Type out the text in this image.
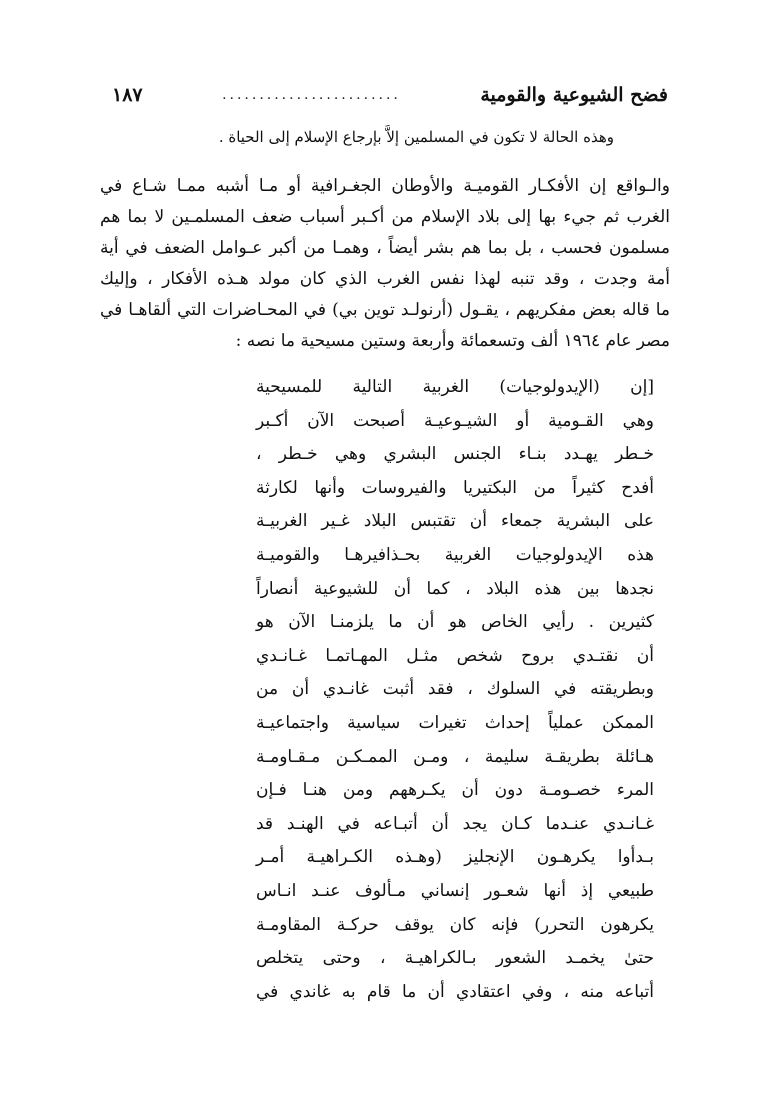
فضح الشيوعية والقومية
........................
١٨٧
وهذه الحالة لا تكون في المسلمين إلاَّ بإرجاع الإسلام إلى الحياة .
والـواقع إن الأفكـار القوميـة والأوطان الجغـرافية أو مـا أشبه ممـا شـاع في
الغرب ثم جيء بها إلى بلاد الإسلام من أكـبر أسباب ضعف المسلمـين لا بما هم
مسلمون فحسب ، بل بما هم بشر أيضاً ، وهمـا من أكبر عـوامل الضعف في أية
أمة وجدت ، وقد تنبه لهذا نفس الغرب الذي كان مولد هـذه الأفكار ، وإليك
ما قاله بعض مفكريهم ، يقـول (أرنولـد توين بي) في المحـاضرات التي ألقاهـا في
مصر عام ١٩٦٤ ألف وتسعمائة وأربعة وستين مسيحية ما نصه :
[إن (الإيدولوجيات) الغربية التالية للمسيحية
وهي القـومية أو الشيـوعيـة أصبحت الآن أكـبر
خـطر يهـدد بنـاء الجنس البشري وهي خـطر ،
أفدح كثيراً من البكتيريا والفيروسات وأنها لكارثة
على البشرية جمعاء أن تقتبس البلاد غـير الغربيـة
هذه الإيدولوجيات الغربية بحـذافيرهـا والقوميـة
نجدها بين هذه البلاد ، كما أن للشيوعية أنصاراً
كثيرين . رأيي الخاص هو أن ما يلزمنـا الآن هو
أن نقتـدي بروح شخص مثـل المهـاتمـا غـانـدي
وبطريقته في السلوك ، فقد أثبت غانـدي أن من
الممكن عملياً إحداث تغيرات سياسية واجتماعيـة
هـائلة بطريقـة سليمة ، ومـن الممـكـن مـقـاومـة
المرء خصـومـة دون أن يكـرههم ومن هنـا فـإن
غـانـدي عنـدما كـان يجد أن أتبـاعه في الهنـد قد
بـدأوا يكرهـون الإنجليز (وهـذه الكـراهيـة أمـر
طبيعي إذ أنها شعـور إنساني مـألوف عنـد انـاس
يكرهون التحرر) فإنه كان يوقف حركـة المقاومـة
حتىٰ يخمـد الشعور بـالكراهيـة ، وحتى يتخلص
أتباعه منه ، وفي اعتقادي أن ما قام به غاندي في
